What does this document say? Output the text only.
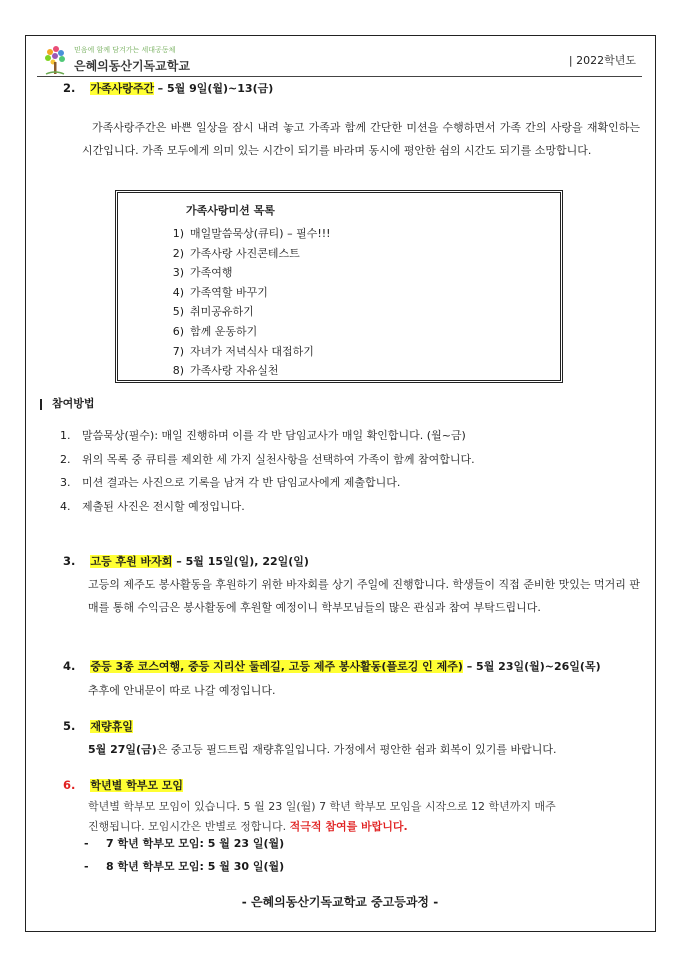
믿음에 함께 담겨가는 세대공동체
은혜의동산기독교학교	| 2022학년도
2. 가족사랑주간 – 5월 9일(월)~13(금)
가족사랑주간은 바쁜 일상을 잠시 내려 놓고 가족과 함께 간단한 미션을 수행하면서 가족 간의 사랑을 재확인하는 시간입니다. 가족 모두에게 의미 있는 시간이 되기를 바라며 동시에 평안한 쉼의 시간도 되기를 소망합니다.
가족사랑미션 목록
1) 매일말씀묵상(큐티) – 필수!!!
2) 가족사랑 사진콘테스트
3) 가족여행
4) 가족역할 바꾸기
5) 취미공유하기
6) 함께 운동하기
7) 자녀가 저녁식사 대접하기
8) 가족사랑 자유실천
참여방법
1. 말씀묵상(필수): 매일 진행하며 이를 각 반 담임교사가 매일 확인합니다. (월~금)
2. 위의 목록 중 큐티를 제외한 세 가지 실천사항을 선택하여 가족이 함께 참여합니다.
3. 미션 결과는 사진으로 기록을 남겨 각 반 담임교사에게 제출합니다.
4. 제출된 사진은 전시할 예정입니다.
3. 고등 후원 바자회 – 5월 15일(일), 22일(일)
고등의 제주도 봉사활동을 후원하기 위한 바자회를 상기 주일에 진행합니다. 학생들이 직접 준비한 맛있는 먹거리 판매를 통해 수익금은 봉사활동에 후원할 예정이니 학부모님들의 많은 관심과 참여 부탁드립니다.
4. 중등 3종 코스여행, 중등 지리산 둘레길, 고등 제주 봉사활동(플로깅 인 제주) – 5월 23일(월)~26일(목)
추후에 안내문이 따로 나갈 예정입니다.
5. 재량휴일
5월 27일(금)은 중고등 필드트립 재량휴일입니다. 가정에서 평안한 쉼과 회복이 있기를 바랍니다.
6. 학년별 학부모 모임
학년별 학부모 모임이 있습니다. 5 월 23 일(월) 7 학년 학부모 모임을 시작으로 12 학년까지 매주 진행됩니다. 모임시간은 반별로 정합니다. 적극적 참여를 바랍니다.
- 7 학년 학부모 모임: 5 월 23 일(월)
- 8 학년 학부모 모임: 5 월 30 일(월)
- 은혜의동산기독교학교 중고등과정 -
